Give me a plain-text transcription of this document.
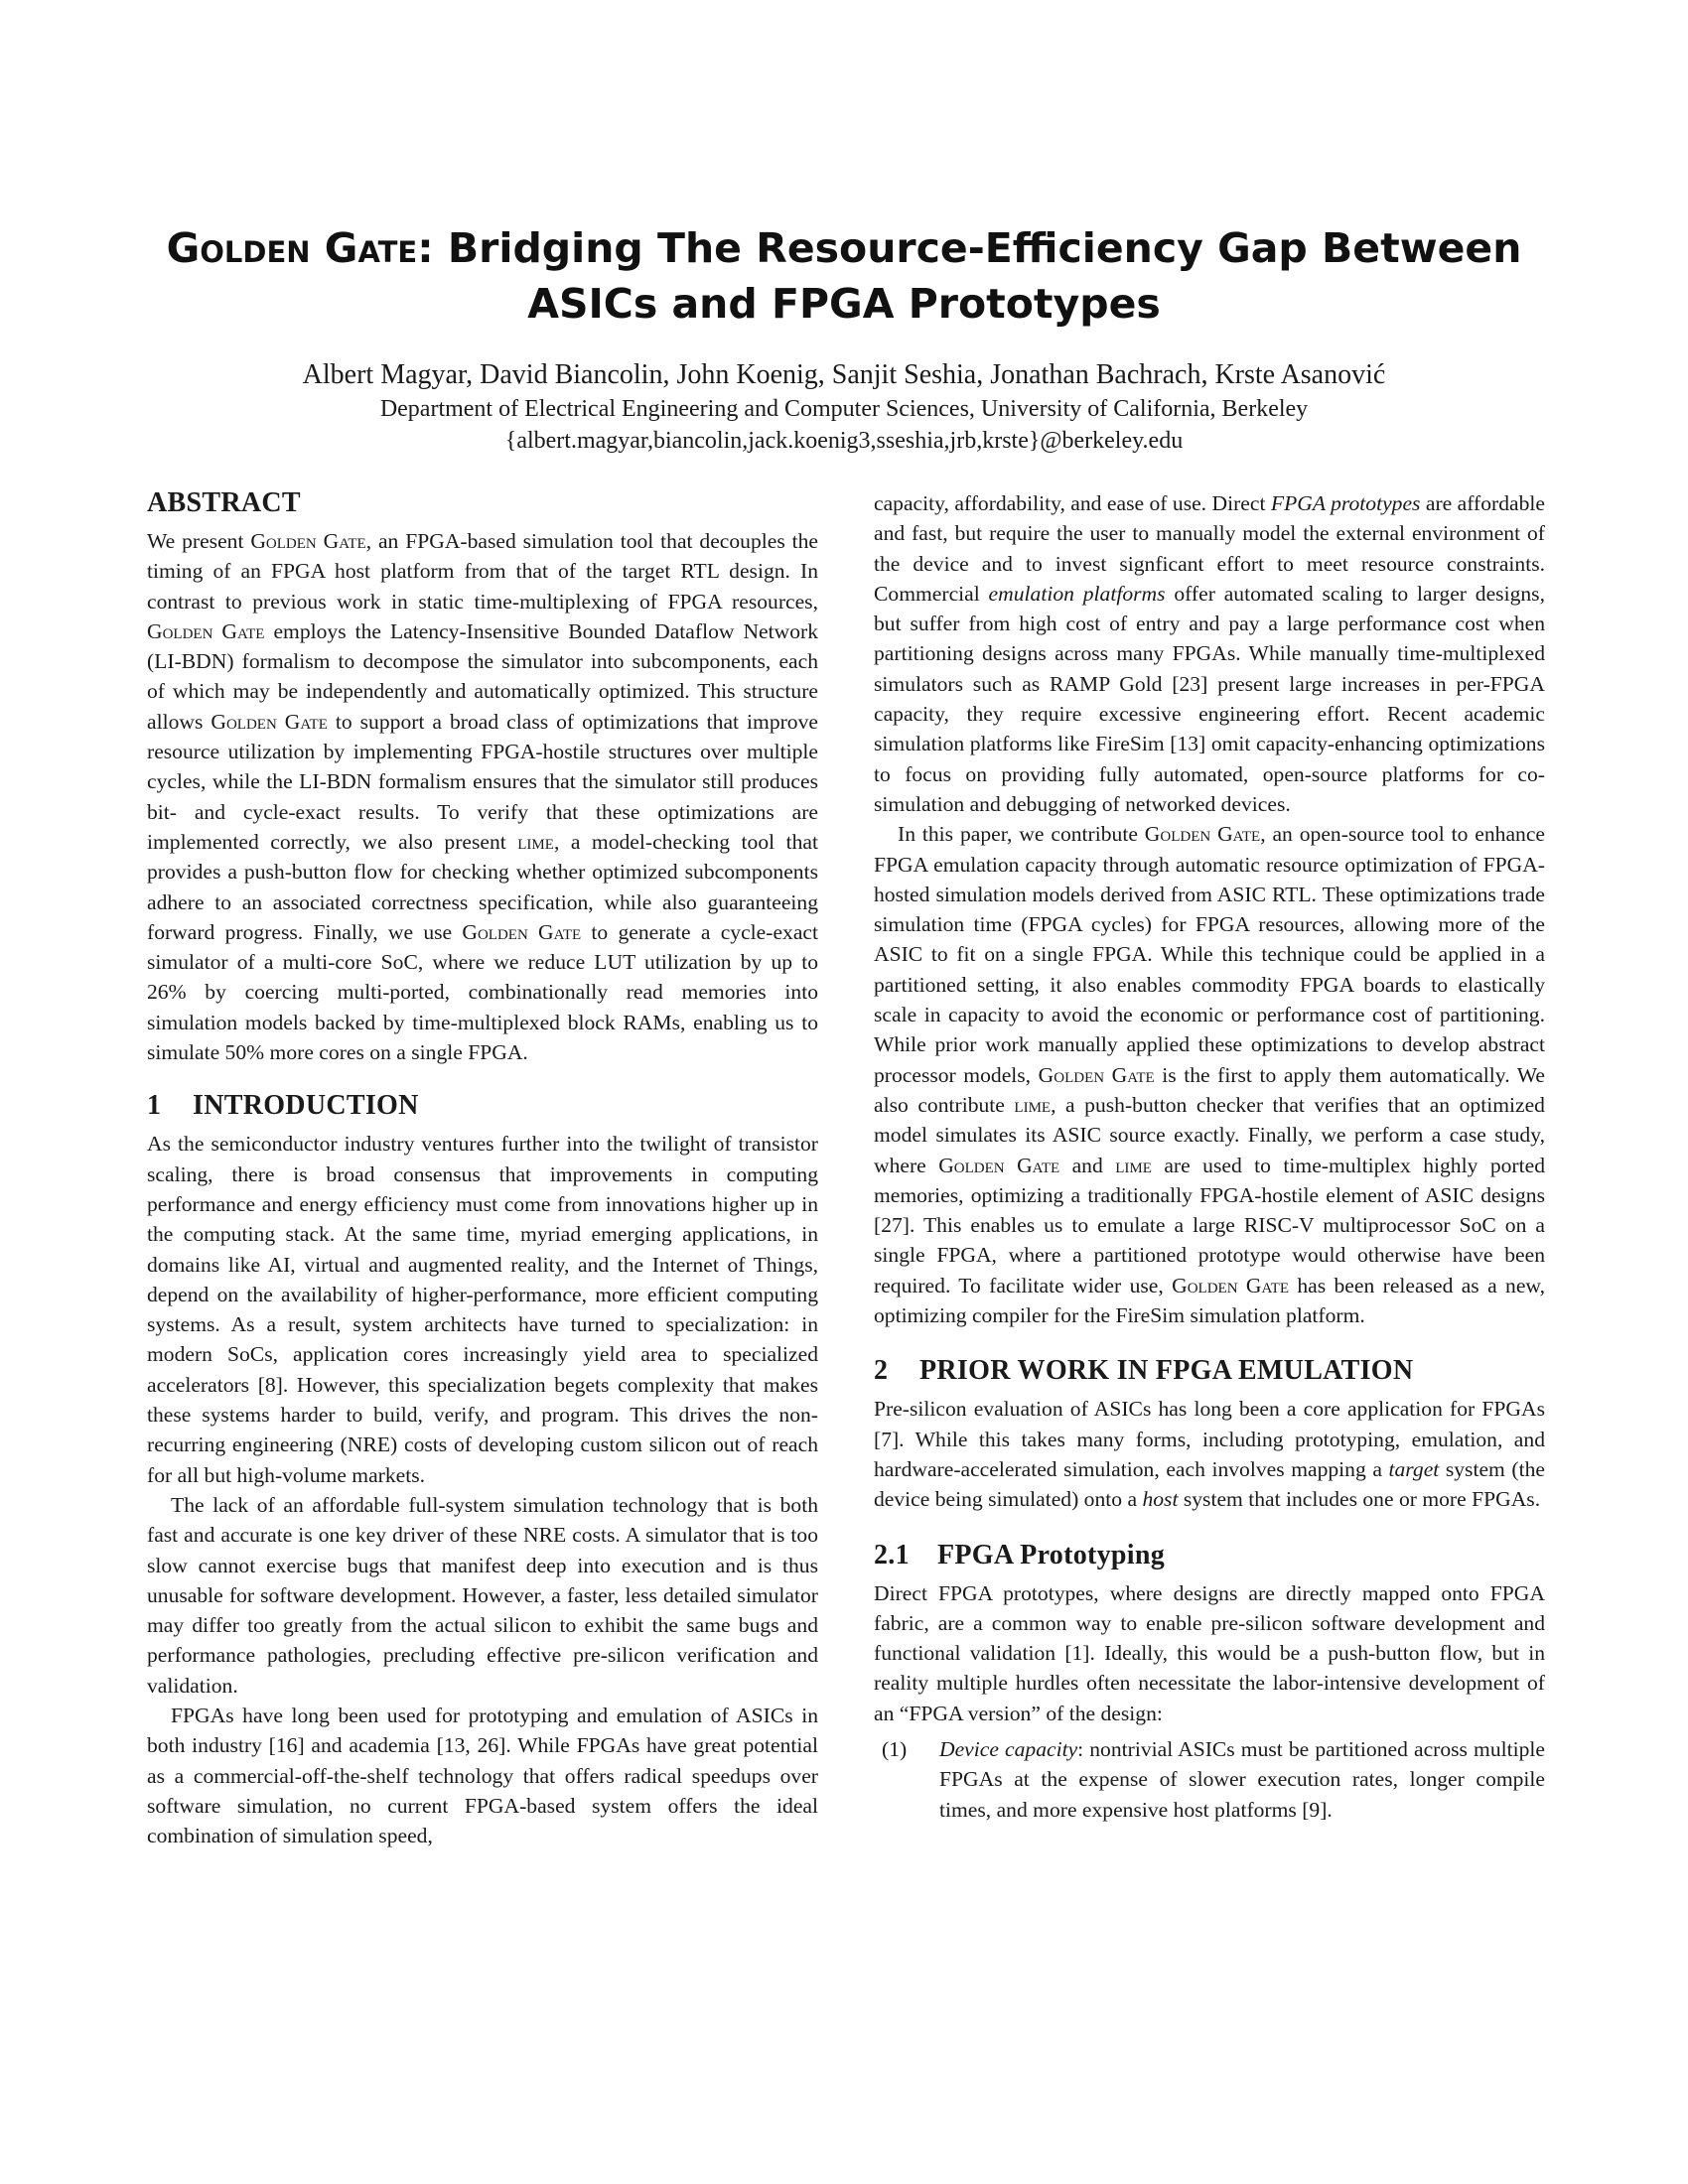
Golden Gate: Bridging The Resource-Efficiency Gap Between
ASICs and FPGA Prototypes
Albert Magyar, David Biancolin, John Koenig, Sanjit Seshia, Jonathan Bachrach, Krste Asanović
Department of Electrical Engineering and Computer Sciences, University of California, Berkeley
{albert.magyar,biancolin,jack.koenig3,sseshia,jrb,krste}@berkeley.edu
ABSTRACT

We present Golden Gate, an FPGA-based simulation tool that decouples the timing of an FPGA host platform from that of the target RTL design. In contrast to previous work in static time-multiplexing of FPGA resources, Golden Gate employs the Latency-Insensitive Bounded Dataflow Network (LI-BDN) formalism to decompose the simulator into subcomponents, each of which may be independently and automatically optimized. This structure allows Golden Gate to support a broad class of optimizations that improve resource utilization by implementing FPGA-hostile structures over multiple cycles, while the LI-BDN formalism ensures that the simulator still produces bit- and cycle-exact results. To verify that these optimizations are implemented correctly, we also present lime, a model-checking tool that provides a push-button flow for checking whether optimized subcomponents adhere to an associated correctness specification, while also guaranteeing forward progress. Finally, we use Golden Gate to generate a cycle-exact simulator of a multi-core SoC, where we reduce LUT utilization by up to 26% by coercing multi-ported, combinationally read memories into simulation models backed by time-multiplexed block RAMs, enabling us to simulate 50% more cores on a single FPGA.

1 INTRODUCTION

As the semiconductor industry ventures further into the twilight of transistor scaling, there is broad consensus that improvements in computing performance and energy efficiency must come from innovations higher up in the computing stack. At the same time, myriad emerging applications, in domains like AI, virtual and augmented reality, and the Internet of Things, depend on the availability of higher-performance, more efficient computing systems. As a result, system architects have turned to specialization: in modern SoCs, application cores increasingly yield area to specialized accelerators [8]. However, this specialization begets complexity that makes these systems harder to build, verify, and program. This drives the non-recurring engineering (NRE) costs of developing custom silicon out of reach for all but high-volume markets.

The lack of an affordable full-system simulation technology that is both fast and accurate is one key driver of these NRE costs. A simulator that is too slow cannot exercise bugs that manifest deep into execution and is thus unusable for software development. However, a faster, less detailed simulator may differ too greatly from the actual silicon to exhibit the same bugs and performance pathologies, precluding effective pre-silicon verification and validation.

FPGAs have long been used for prototyping and emulation of ASICs in both industry [16] and academia [13, 26]. While FPGAs have great potential as a commercial-off-the-shelf technology that offers radical speedups over software simulation, no current FPGA-based system offers the ideal combination of simulation speed,

capacity, affordability, and ease of use. Direct FPGA prototypes are affordable and fast, but require the user to manually model the external environment of the device and to invest signficant effort to meet resource constraints. Commercial emulation platforms offer automated scaling to larger designs, but suffer from high cost of entry and pay a large performance cost when partitioning designs across many FPGAs. While manually time-multiplexed simulators such as RAMP Gold [23] present large increases in per-FPGA capacity, they require excessive engineering effort. Recent academic simulation platforms like FireSim [13] omit capacity-enhancing optimizations to focus on providing fully automated, open-source platforms for co-simulation and debugging of networked devices.

In this paper, we contribute Golden Gate, an open-source tool to enhance FPGA emulation capacity through automatic resource optimization of FPGA-hosted simulation models derived from ASIC RTL. These optimizations trade simulation time (FPGA cycles) for FPGA resources, allowing more of the ASIC to fit on a single FPGA. While this technique could be applied in a partitioned setting, it also enables commodity FPGA boards to elastically scale in capacity to avoid the economic or performance cost of partitioning. While prior work manually applied these optimizations to develop abstract processor models, Golden Gate is the first to apply them automatically. We also contribute lime, a push-button checker that verifies that an optimized model simulates its ASIC source exactly. Finally, we perform a case study, where Golden Gate and lime are used to time-multiplex highly ported memories, optimizing a traditionally FPGA-hostile element of ASIC designs [27]. This enables us to emulate a large RISC-V multiprocessor SoC on a single FPGA, where a partitioned prototype would otherwise have been required. To facilitate wider use, Golden Gate has been released as a new, optimizing compiler for the FireSim simulation platform.

2 PRIOR WORK IN FPGA EMULATION

Pre-silicon evaluation of ASICs has long been a core application for FPGAs [7]. While this takes many forms, including prototyping, emulation, and hardware-accelerated simulation, each involves mapping a target system (the device being simulated) onto a host system that includes one or more FPGAs.

2.1 FPGA Prototyping

Direct FPGA prototypes, where designs are directly mapped onto FPGA fabric, are a common way to enable pre-silicon software development and functional validation [1]. Ideally, this would be a push-button flow, but in reality multiple hurdles often necessitate the labor-intensive development of an “FPGA version” of the design:

(1)	Device capacity: nontrivial ASICs must be partitioned across multiple FPGAs at the expense of slower execution rates, longer compile times, and more expensive host platforms [9].
